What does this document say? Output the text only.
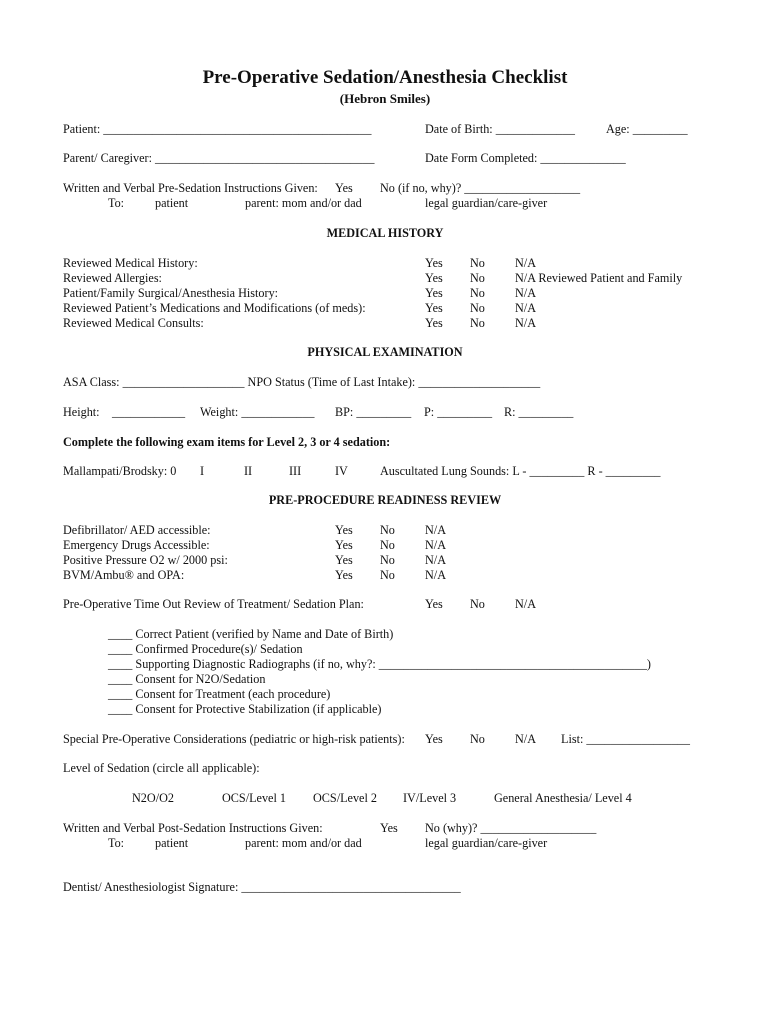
Pre-Operative Sedation/Anesthesia Checklist
(Hebron Smiles)
Patient: ____________________________________________	Date of Birth: _____________	Age: _________
Parent/ Caregiver: ____________________________________	Date Form Completed: ______________
Written and Verbal Pre-Sedation Instructions Given: Yes No (if no, why)? ___________________
To:	patient	parent: mom and/or dad	legal guardian/care-giver
MEDICAL HISTORY
Reviewed Medical History:	Yes No N/A
Reviewed Allergies:	Yes No N/A Reviewed Patient and Family
Patient/Family Surgical/Anesthesia History:	Yes No N/A
Reviewed Patient’s Medications and Modifications (of meds):	Yes No N/A
Reviewed Medical Consults:	Yes No N/A
PHYSICAL EXAMINATION
ASA Class: ____________________ NPO Status (Time of Last Intake): ____________________
Height: ____________ Weight: ____________ BP: _________ P: _________ R: _________
Complete the following exam items for Level 2, 3 or 4 sedation:
Mallampati/Brodsky: 0 I	II	III	IV	Auscultated Lung Sounds: L - _________ R - _________
PRE-PROCEDURE READINESS REVIEW
Defibrillator/ AED accessible:	Yes No N/A
Emergency Drugs Accessible:	Yes No N/A
Positive Pressure O2 w/ 2000 psi:	Yes No N/A
BVM/Ambu® and OPA:	Yes No N/A
Pre-Operative Time Out Review of Treatment/ Sedation Plan:	Yes No N/A
____ Correct Patient (verified by Name and Date of Birth)
____ Confirmed Procedure(s)/ Sedation
____ Supporting Diagnostic Radiographs (if no, why?: ____________________________________________)
____ Consent for N2O/Sedation
____ Consent for Treatment (each procedure)
____ Consent for Protective Stabilization (if applicable)
Special Pre-Operative Considerations (pediatric or high-risk patients): Yes No N/A List: _________________
Level of Sedation (circle all applicable):
N2O/O2	OCS/Level 1 OCS/Level 2 IV/Level 3	General Anesthesia/ Level 4
Written and Verbal Post-Sedation Instructions Given:	Yes No (why)? ___________________
To:	patient	parent: mom and/or dad	legal guardian/care-giver
Dentist/ Anesthesiologist Signature: ____________________________________
